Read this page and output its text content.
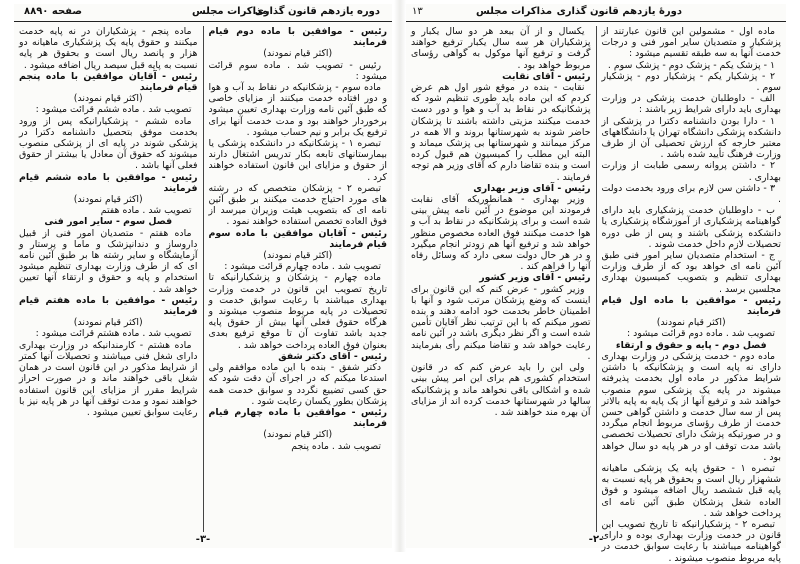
دوره یازدهم قانون گذاری
مذاکرات مجلس
صفحه ۸۸۹۰

رئیس - موافقین با ماده دوم قیام فرمایند

(اکثر قیام نمودند)

رئیس - تصویب شد . ماده سوم قرائت میشود :

ماده سوم - پزشکانیکه در نقاط بد آب و هوا و دور افتاده خدمت میکنند از مزایای خاصی که طبق آئین نامه وزارت بهداری تعیین میشود برخوردار خواهند بود و مدت خدمت آنها برای ترفیع یک برابر و نیم حساب میشود .

تبصره ۱ - پزشکانیکه در دانشکده پزشکی یا بیمارستانهای تابعه بکار تدریس اشتغال دارند از حقوق و مزایای این قانون استفاده خواهند کرد .

تبصره ۲ - پزشکان متخصص که در رشته های مورد احتیاج خدمت میکنند بر طبق آئین نامه ای که بتصویب هیئت وزیران میرسد از فوق العاده تخصص استفاده خواهند نمود .

رئیس - آقایان موافقین با ماده سوم قیام فرمایند

(اکثر قیام نمودند)

تصویب شد . ماده چهارم قرائت میشود :

ماده چهارم - پزشکان و پزشکیارانیکه تا تاریخ تصویب این قانون در خدمت وزارت بهداری میباشند با رعایت سوابق خدمت و تحصیلات در پایه مربوط منصوب میشوند و هرگاه حقوق فعلی آنها بیش از حقوق پایه جدید باشد تفاوت آن تا موقع ترفیع بعدی بعنوان فوق العاده پرداخت خواهد شد .

رئیس - آقای دکتر شفق

دکتر شفق - بنده با این ماده موافقم ولی استدعا میکنم که در اجرای آن دقت شود که حق کسی تضییع نگردد و سوابق خدمت همه پزشکان بطور یکسان رعایت شود .

رئیس - موافقین با ماده چهارم قیام فرمایند

(اکثر قیام نمودند)

تصویب شد . ماده پنجم

ماده پنجم - پزشکیاران در نه پایه خدمت میکنند و حقوق پایه یک پزشکیاری ماهیانه دو هزار و پانصد ریال است و بحقوق هر پایه نسبت به پایه قبل سیصد ریال اضافه میشود .

رئیس - آقایان موافقین با ماده پنجم قیام فرمایند

(اکثر قیام نمودند)

تصویب شد . ماده ششم قرائت میشود :

ماده ششم - پزشکیارانیکه پس از ورود بخدمت موفق بتحصیل دانشنامه دکترا در پزشکی شوند در پایه ای از پزشکی منصوب میشوند که حقوق آن معادل یا بیشتر از حقوق فعلی آنها باشد .

رئیس - موافقین با ماده ششم قیام فرمایند

(اکثر قیام نمودند)

تصویب شد . ماده هفتم

فصل سوم - سایر امور فنی

ماده هفتم - متصدیان امور فنی از قبیل داروساز و دندانپزشک و ماما و پرستار و آزمایشگاه و سایر رشته ها بر طبق آئین نامه ای که از طرف وزارت بهداری تنظیم میشود استخدام و پایه و حقوق و ارتقاء آنها تعیین خواهد شد .

رئیس - موافقین با ماده هفتم قیام فرمایند

(اکثر قیام نمودند)

تصویب شد . ماده هشتم قرائت میشود :

ماده هشتم - کارمندانیکه در وزارت بهداری دارای شغل فنی میباشند و تحصیلات آنها کمتر از شرایط مذکور در این قانون است در همان شغل باقی خواهند ماند و در صورت احراز شرایط مقرر از مزایای این قانون استفاده خواهند نمود و مدت توقف آنها در هر پایه نیز با رعایت سوابق تعیین میشود .

-۳-
دورهٔ یازدهم قانون گذاری
مذاکرات مجلس
۱۳

ماده اول - مشمولین این قانون عبارتند از پزشکیار و متصدیان سایر امور فنی و درجات خدمت آنها به سه طبقه تقسیم میشود :

۱ - پزشک یکم - پزشک دوم - پزشک سوم .

۲ - پزشکیار یکم - پزشکیار دوم - پزشکیار سوم .

الف - داوطلبان خدمت پزشکی در وزارت بهداری باید دارای شرایط زیر باشند :

۱ - دارا بودن دانشنامه دکترا در پزشکی از دانشکده پزشکی دانشگاه تهران یا دانشگاههای معتبر خارجه که ارزش تحصیلی آن از طرف وزارت فرهنگ تأیید شده باشد .

۲ - داشتن پروانه رسمی طبابت از وزارت بهداری .

۳ - داشتن سن لازم برای ورود بخدمت دولت .

ب - داوطلبان خدمت پزشکیاری باید دارای گواهینامه پزشکیاری از آموزشگاه پزشکیاری یا دانشکده پزشکی باشند و پس از طی دوره تحصیلات لازم داخل خدمت شوند .

ج - استخدام متصدیان سایر امور فنی طبق آئین نامه ای خواهد بود که از طرف وزارت بهداری تنظیم و بتصویب کمیسیون بهداری مجلسین برسد .

رئیس - موافقین با ماده اول قیام فرمایند

(اکثر قیام نمودند)

تصویب شد . ماده دوم قرائت میشود :

فصل دوم - پایه و حقوق و ارتقاء

ماده دوم - خدمت پزشکی در وزارت بهداری دارای نه پایه است و پزشکانیکه با داشتن شرایط مذکور در ماده اول بخدمت پذیرفته میشوند در پایه یک پزشکی سوم منصوب خواهند شد و ترفیع آنها از یک پایه به پایه بالاتر پس از سه سال خدمت و داشتن گواهی حسن خدمت از طرف رؤسای مربوط انجام میگردد و در صورتیکه پزشک دارای تحصیلات تخصصی باشد مدت توقف او در هر پایه دو سال خواهد بود .

تبصره ۱ - حقوق پایه یک پزشکی ماهیانه ششهزار ریال است و بحقوق هر پایه نسبت به پایه قبل ششصد ریال اضافه میشود و فوق العاده شغل پزشکان طبق آئین نامه ای پرداخت خواهد شد .

تبصره ۲ - پزشکیارانیکه تا تاریخ تصویب این قانون در خدمت وزارت بهداری بوده و دارای گواهینامه میباشند با رعایت سوابق خدمت در پایه مربوط منصوب میشوند .

یکسال و از آن ببعد هر دو سال یکبار و پزشکیاران هر سه سال یکبار ترفیع خواهند گرفت و ترفیع آنها موکول به گواهی رؤسای مربوط خواهد بود .

رئیس - آقای نقابت

نقابت - بنده در موقع شور اول هم عرض کردم که این ماده باید طوری تنظیم شود که پزشکانیکه در نقاط بد آب و هوا و دور دست خدمت میکنند مزیتی داشته باشند تا پزشکان حاضر شوند به شهرستانها بروند و الا همه در مرکز میمانند و شهرستانها بی پزشک میماند و البته این مطلب را کمیسیون هم قبول کرده است و بنده تقاضا دارم که آقای وزیر هم توجه فرمایند .

رئیس - آقای وزیر بهداری

وزیر بهداری - همانطوریکه آقای نقابت فرمودند این موضوع در آئین نامه پیش بینی شده است و برای پزشکانیکه در نقاط بد آب و هوا خدمت میکنند فوق العاده مخصوص منظور خواهد شد و ترفیع آنها هم زودتر انجام میگیرد و در هر حال دولت سعی دارد که وسائل رفاه آنها را فراهم کند .

رئیس - آقای وزیر کشور

وزیر کشور - عرض کنم که این قانون برای اینست که وضع پزشکان مرتب شود و آنها با اطمینان خاطر بخدمت خود ادامه دهند و بنده تصور میکنم که با این ترتیب نظر آقایان تأمین شده است و اگر نظر دیگری باشد در آئین نامه رعایت خواهد شد و تقاضا میکنم رأی بفرمایند .

ولی این را باید عرض کنم که در قانون استخدام کشوری هم برای این امر پیش بینی شده و اشکالی باقی نخواهد ماند و پزشکانیکه سالها در شهرستانها خدمت کرده اند از مزایای آن بهره مند خواهند شد .

-۲-
